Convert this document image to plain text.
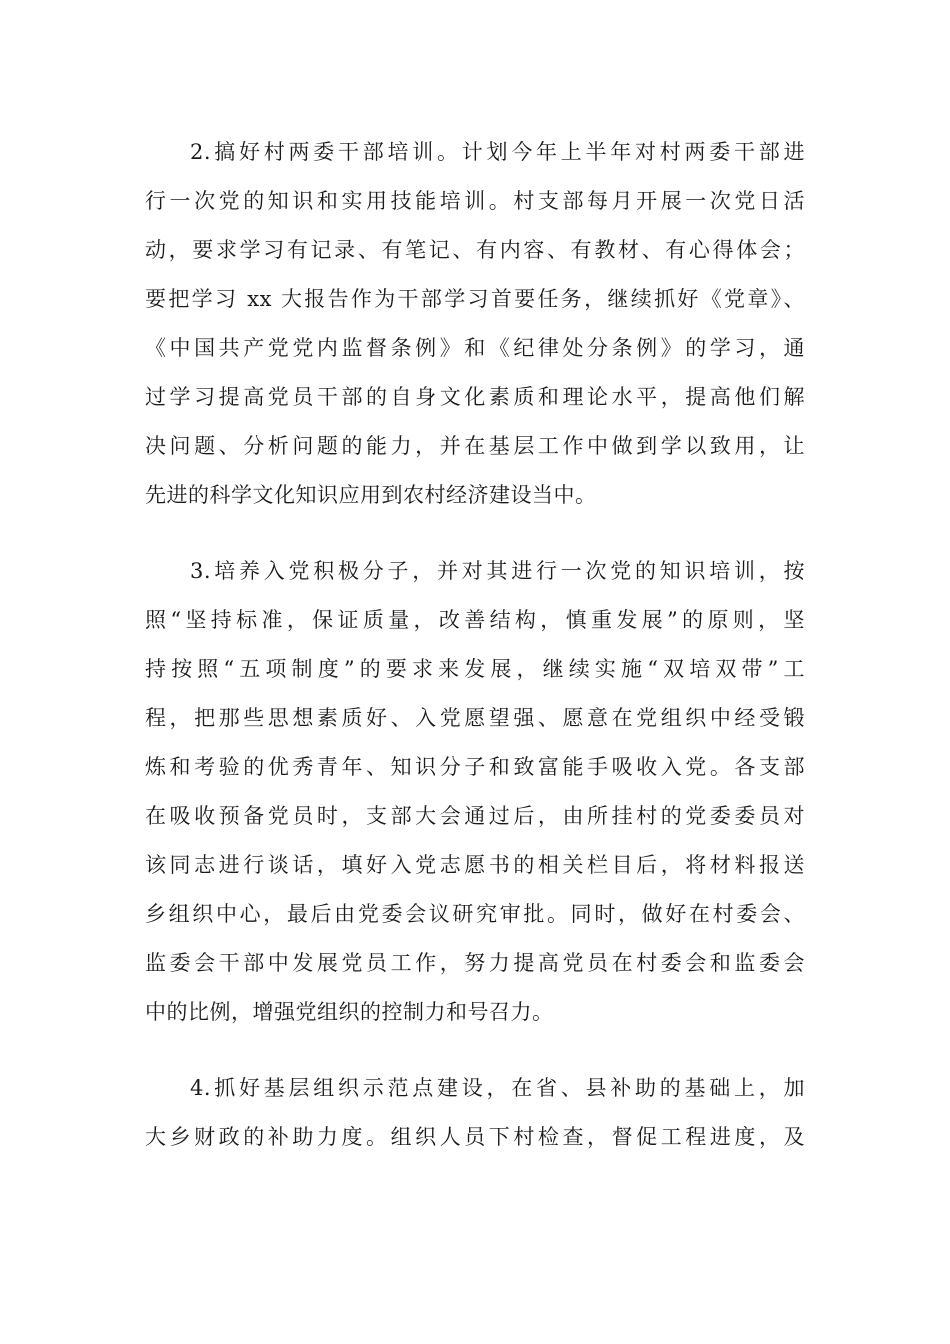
2.搞好村两委干部培训。计划今年上半年对村两委干部进
行一次党的知识和实用技能培训。村支部每月开展一次党日活
动，要求学习有记录、有笔记、有内容、有教材、有心得体会；
要把学习 xx 大报告作为干部学习首要任务，继续抓好《党章》、
《中国共产党党内监督条例》和《纪律处分条例》的学习，通
过学习提高党员干部的自身文化素质和理论水平，提高他们解
决问题、分析问题的能力，并在基层工作中做到学以致用，让
先进的科学文化知识应用到农村经济建设当中。
3.培养入党积极分子，并对其进行一次党的知识培训，按
照“坚持标准，保证质量，改善结构，慎重发展”的原则，坚
持按照“五项制度”的要求来发展，继续实施“双培双带”工
程，把那些思想素质好、入党愿望强、愿意在党组织中经受锻
炼和考验的优秀青年、知识分子和致富能手吸收入党。各支部
在吸收预备党员时，支部大会通过后，由所挂村的党委委员对
该同志进行谈话，填好入党志愿书的相关栏目后，将材料报送
乡组织中心，最后由党委会议研究审批。同时，做好在村委会、
监委会干部中发展党员工作，努力提高党员在村委会和监委会
中的比例，增强党组织的控制力和号召力。
4.抓好基层组织示范点建设，在省、县补助的基础上，加
大乡财政的补助力度。组织人员下村检查，督促工程进度，及
